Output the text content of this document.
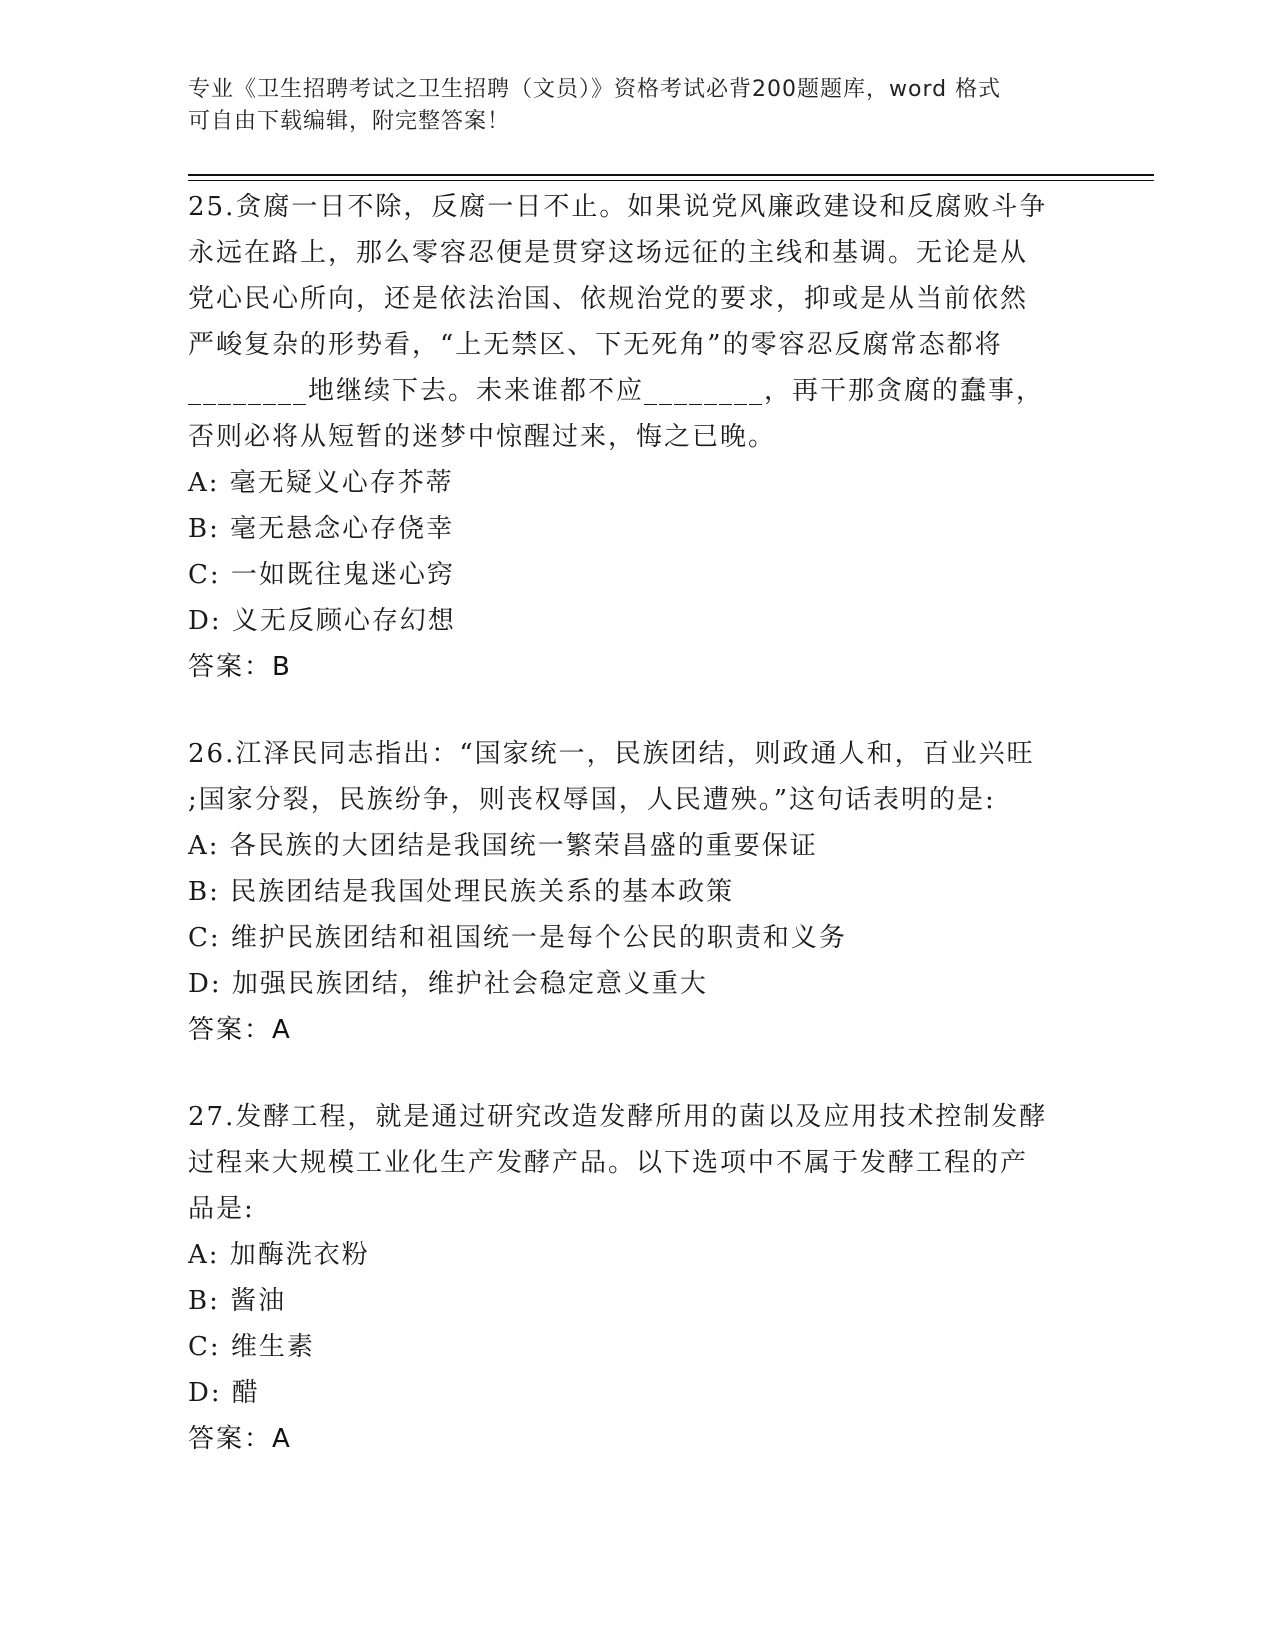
专业《卫生招聘考试之卫生招聘（文员）》资格考试必背200题题库，word 格式
可自由下载编辑，附完整答案！

25.贪腐一日不除，反腐一日不止。如果说党风廉政建设和反腐败斗争

永远在路上，那么零容忍便是贯穿这场远征的主线和基调。无论是从

党心民心所向，还是依法治国、依规治党的要求，抑或是从当前依然

严峻复杂的形势看，“上无禁区、下无死角”的零容忍反腐常态都将

________地继续下去。未来谁都不应________，再干那贪腐的蠢事，

否则必将从短暂的迷梦中惊醒过来，悔之已晚。

A: 毫无疑义心存芥蒂

B: 毫无悬念心存侥幸

C: 一如既往鬼迷心窍

D: 义无反顾心存幻想

答案：B

26.江泽民同志指出：“国家统一，民族团结，则政通人和，百业兴旺

;国家分裂，民族纷争，则丧权辱国，人民遭殃。”这句话表明的是:

A: 各民族的大团结是我国统一繁荣昌盛的重要保证

B: 民族团结是我国处理民族关系的基本政策

C: 维护民族团结和祖国统一是每个公民的职责和义务

D: 加强民族团结，维护社会稳定意义重大

答案：A

27.发酵工程，就是通过研究改造发酵所用的菌以及应用技术控制发酵

过程来大规模工业化生产发酵产品。以下选项中不属于发酵工程的产

品是:

A: 加酶洗衣粉

B: 酱油

C: 维生素

D: 醋

答案：A
